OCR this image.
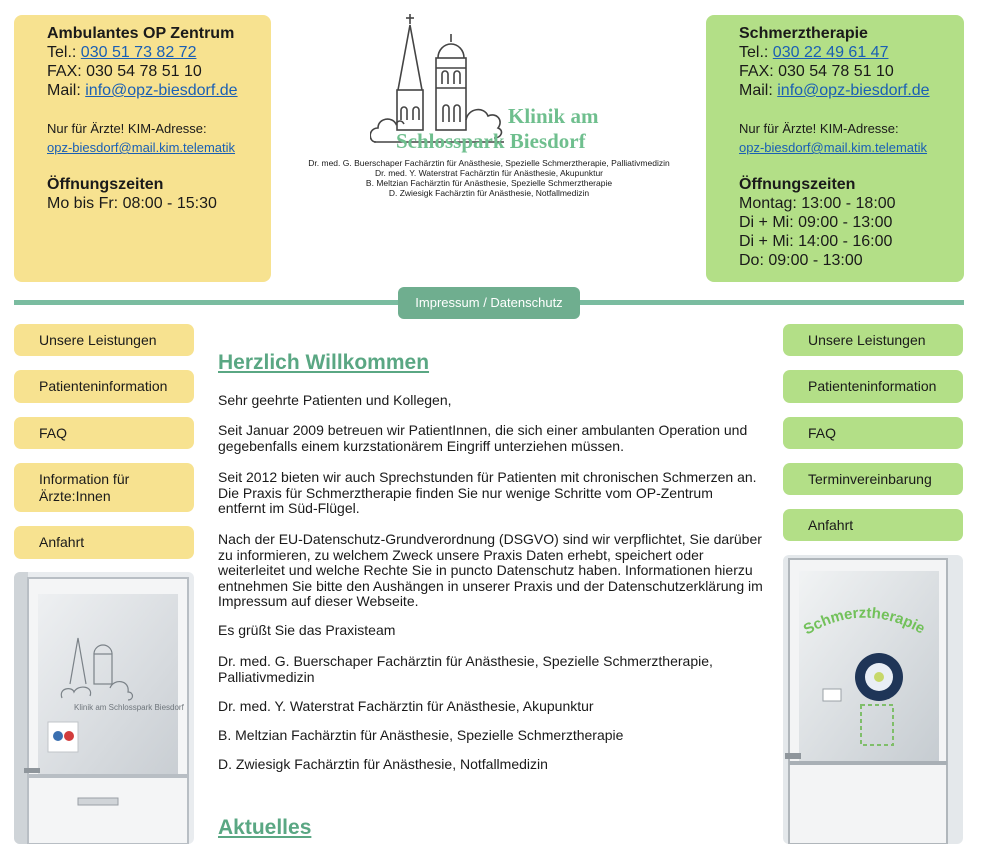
Ambulantes OP Zentrum
Tel.: 030 51 73 82 72
FAX: 030 54 78 51 10
Mail: info@opz-biesdorf.de
Nur für Ärzte! KIM-Adresse:
opz-biesdorf@mail.kim.telematik
Öffnungszeiten
Mo bis Fr: 08:00 - 15:30
Klinik am
Schlosspark Biesdorf
Dr. med. G. Buerschaper Fachärztin für Anästhesie, Spezielle Schmerztherapie, Palliativmedizin
Dr. med. Y. Waterstrat Fachärztin für Anästhesie, Akupunktur
B. Meltzian Fachärztin für Anästhesie, Spezielle Schmerztherapie
D. Zwiesigk Fachärztin für Anästhesie, Notfallmedizin
Schmerztherapie
Tel.: 030 22 49 61 47
FAX: 030 54 78 51 10
Mail: info@opz-biesdorf.de
Nur für Ärzte! KIM-Adresse:
opz-biesdorf@mail.kim.telematik
Öffnungszeiten
Montag: 13:00 - 18:00
Di + Mi: 09:00 - 13:00
Di + Mi: 14:00 - 16:00
Do: 09:00 - 13:00
Impressum / Datenschutz
Unsere Leistungen
Patienteninformation
FAQ
Information für Ärzte:Innen
Anfahrt
Unsere Leistungen
Patienteninformation
FAQ
Terminvereinbarung
Anfahrt
Klinik am Schlosspark Biesdorf
Schmerztherapie
Herzlich Willkommen

Sehr geehrte Patienten und Kollegen,

Seit Januar 2009 betreuen wir PatientInnen, die sich einer ambulanten Operation und gegebenfalls einem kurzstationärem Eingriff unterziehen müssen.

Seit 2012 bieten wir auch Sprechstunden für Patienten mit chronischen Schmerzen an. Die Praxis für Schmerztherapie finden Sie nur wenige Schritte vom OP-Zentrum entfernt im Süd-Flügel.

Nach der EU-Datenschutz-Grundverordnung (DSGVO) sind wir verpflichtet, Sie darüber zu informieren, zu welchem Zweck unsere Praxis Daten erhebt, speichert oder weiterleitet und welche Rechte Sie in puncto Datenschutz haben. Informationen hierzu entnehmen Sie bitte den Aushängen in unserer Praxis und der Datenschutzerklärung im Impressum auf dieser Webseite.

Es grüßt Sie das Praxisteam

Dr. med. G. Buerschaper Fachärztin für Anästhesie, Spezielle Schmerztherapie, Palliativmedizin

Dr. med. Y. Waterstrat Fachärztin für Anästhesie, Akupunktur

B. Meltzian Fachärztin für Anästhesie, Spezielle Schmerztherapie

D. Zwiesigk Fachärztin für Anästhesie, Notfallmedizin

Aktuelles
